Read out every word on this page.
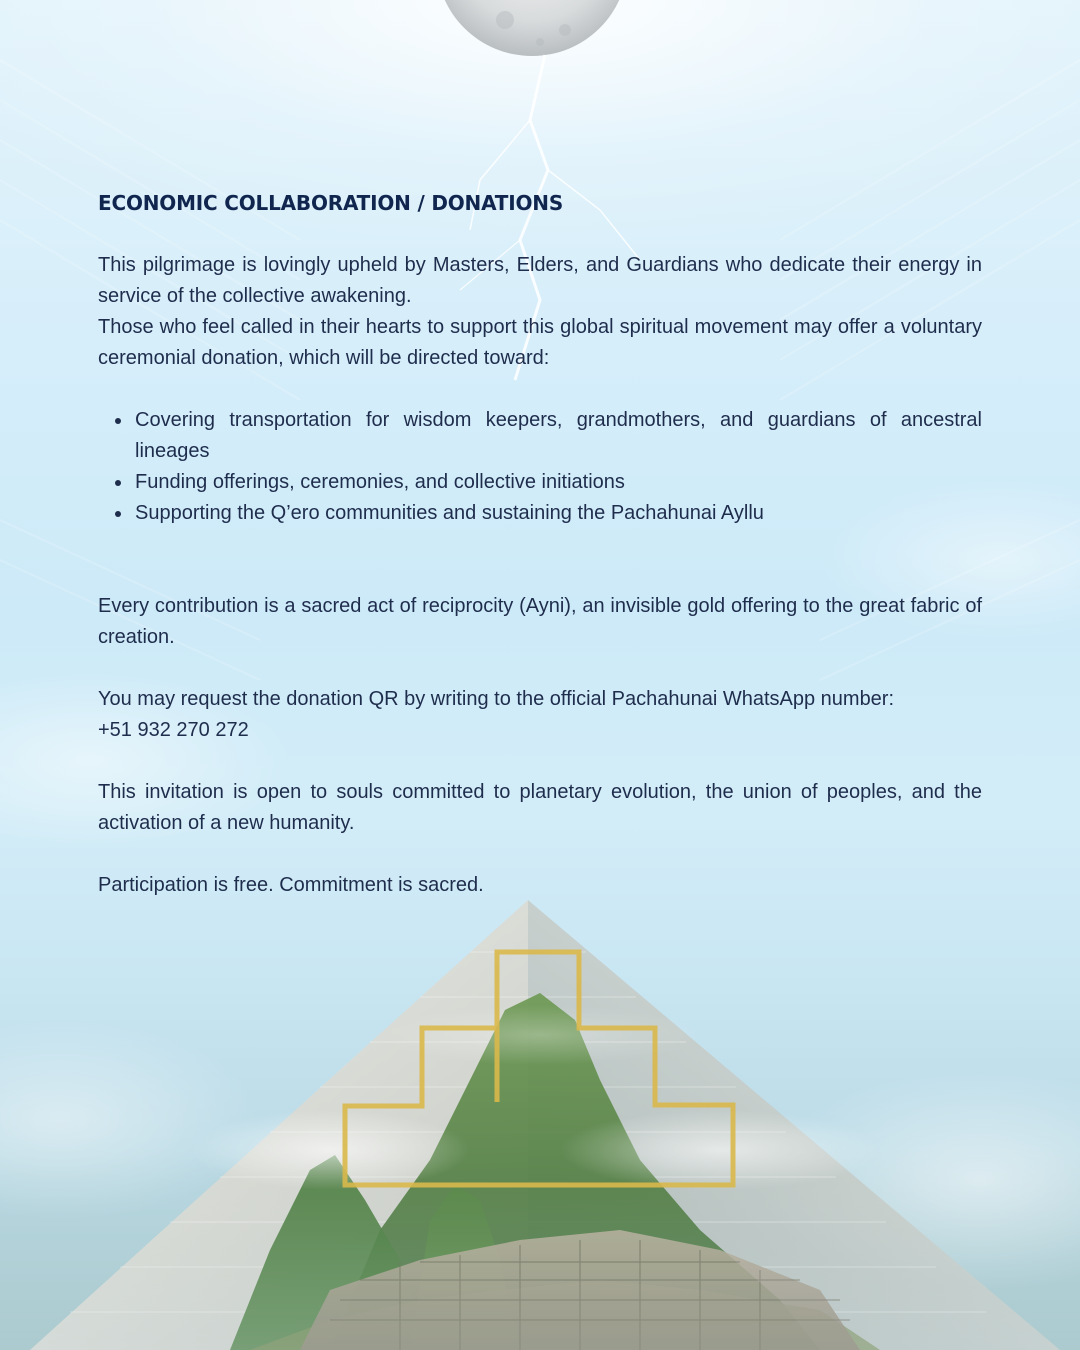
ECONOMIC COLLABORATION / DONATIONS

This pilgrimage is lovingly upheld by Masters, Elders, and Guardians who dedicate their energy in service of the collective awakening.

Those who feel called in their hearts to support this global spiritual movement may offer a voluntary ceremonial donation, which will be directed toward:

Covering transportation for wisdom keepers, grandmothers, and guardians of ancestral lineages
Funding offerings, ceremonies, and collective initiations
Supporting the Q’ero communities and sustaining the Pachahunai Ayllu

Every contribution is a sacred act of reciprocity (Ayni), an invisible gold offering to the great fabric of creation.

You may request the donation QR by writing to the official Pachahunai WhatsApp number:

+51 932 270 272

This invitation is open to souls committed to planetary evolution, the union of peoples, and the activation of a new humanity.

Participation is free. Commitment is sacred.
